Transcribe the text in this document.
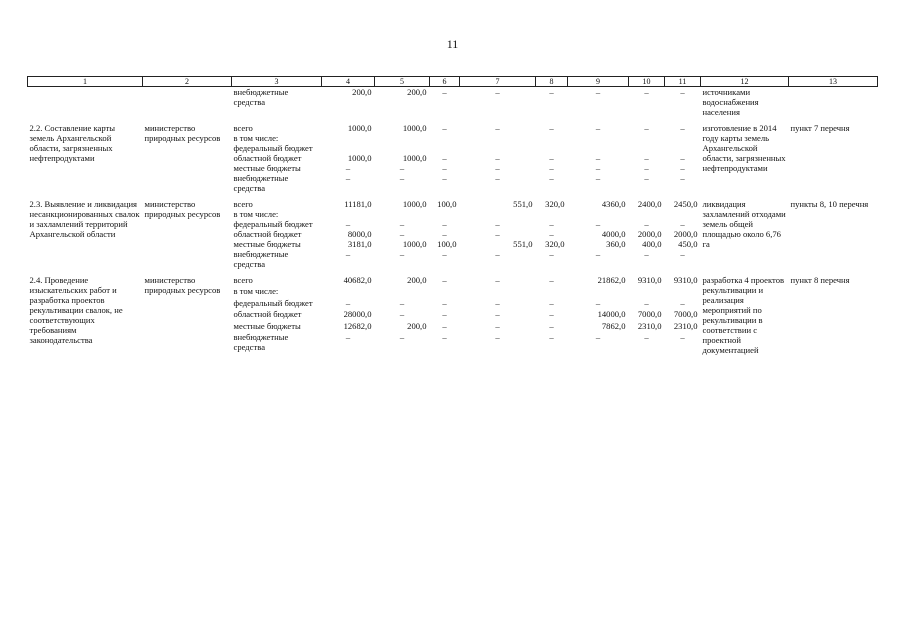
11
1	2	3	4	5	6	7	8	9	10	11	12	13
		внебюджетные средства	200,0	200,0	–	–	–	–	–	–	источниками водоснабжения населения	

2.2. Составление карты земель Архангельской области, загрязненных нефтепродуктами	министерство природных ресурсов	всего	1000,0	1000,0	–	–	–	–	–	–	изготовление в 2014 году карты земель Архангельской области, загрязненных нефтепродуктами	пункт 7 перечня
		в том числе:										
		федеральный бюджет										
		областной бюджет	1000,0	1000,0	–	–	–	–	–	–		
		местные бюджеты	–	–	–	–	–	–	–	–		
		внебюджетные средства	–	–	–	–	–	–	–	–		

2.3. Выявление и ликвидация несанкционированных свалок и захламлений территорий Архангельской области	министерство природных ресурсов	всего	11181,0	1000,0	100,0	551,0	320,0	4360,0	2400,0	2450,0	ликвидация захламлений отходами земель общей площадью около 6,76 га	пункты 8, 10 перечня
		в том числе:										
		федеральный бюджет	–	–	–	–	–	–	–	–		
		областной бюджет	8000,0	–	–	–	–	4000,0	2000,0	2000,0		
		местные бюджеты	3181,0	1000,0	100,0	551,0	320,0	360,0	400,0	450,0		
		внебюджетные средства	–	–	–	–	–	–	–	–		

2.4. Проведение изыскательских работ и разработка проектов рекультивации свалок, не соответствующих требованиям законодательства	министерство природных ресурсов	всего	40682,0	200,0	–	–	–	21862,0	9310,0	9310,0	разработка 4 проектов рекультивации и реализация мероприятий по рекультивации в соответствии с проектной документацией	пункт 8 перечня
		в том числе:										
		федеральный бюджет	–	–	–	–	–	–	–	–		
		областной бюджет	28000,0	–	–	–	–	14000,0	7000,0	7000,0		
		местные бюджеты	12682,0	200,0	–	–	–	7862,0	2310,0	2310,0		
		внебюджетные средства	–	–	–	–	–	–	–	–		
